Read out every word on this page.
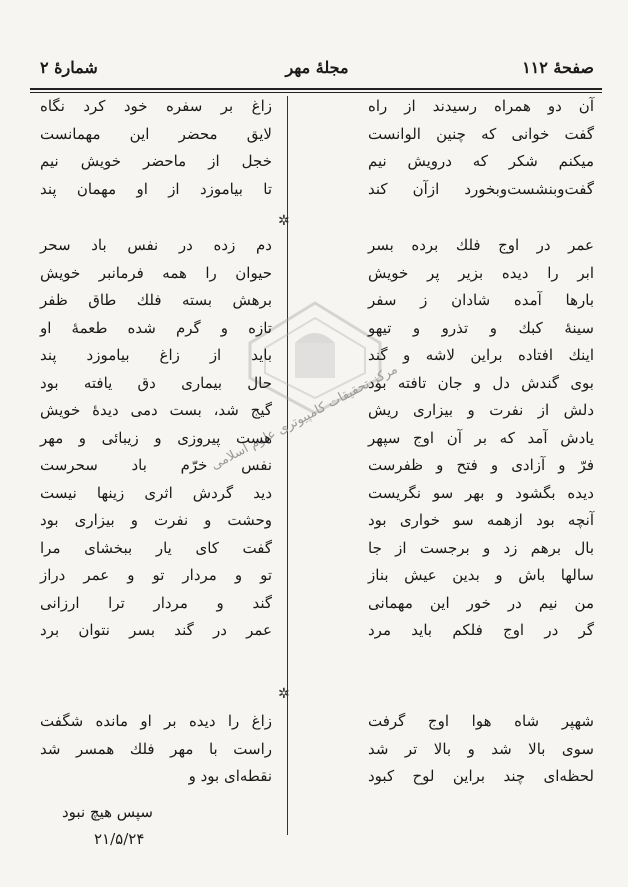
صفحهٔ ۱۱۲
مجلهٔ مهر
شمارهٔ ۲
مرکز تحقیقات کامپیوتری علوم اسلامی
آن دو همراه رسیدند از راه
گفت خوانی که چنین الوانست
میکنم شکر که درویش نیم
گفت‌وبنشست‌وبخورد ازآن کند
زاغ بر سفره خود کرد نگاه
لایق محضر این مهمانست
خجل از ماحضر خویش نیم
تا بیاموزد از او مهمان پند
✲
عمر در اوج فلك برده بسر
ابر را دیده بزیر پر خویش
بارها آمده شادان ز سفر
سینهٔ کبك و تذرو و تیهو
اینك افتاده براین لاشه و گند
بوی گندش دل و جان تافته بود
دلش از نفرت و بیزاری ریش
یادش آمد که بر آن اوج سپهر
فرّ و آزادی و فتح و ظفرست
دیده بگشود و بهر سو نگریست
آنچه بود ازهمه سو خواری بود
بال برهم زد و برجست از جا
سالها باش و بدین عیش بناز
من نیم در خور این مهمانی
گر در اوج فلکم باید مرد
دم زده در نفس باد سحر
حیوان را همه فرمانبر خویش
برهش بسته فلك طاق ظفر
تازه و گرم شده طعمهٔ او
باید از زاغ بیاموزد پند
حال بیماری دق یافته بود
گیج شد، بست دمی دیدهٔ خویش
هست پیروزی و زیبائی و مهر
نفس خرّم باد سحرست
دید گردش اثری زینها نیست
وحشت و نفرت و بیزاری بود
گفت کای یار ببخشای مرا
تو و مردار تو و عمر دراز
گند و مردار ترا ارزانی
عمر در گند بسر نتوان برد
✲
شهپر شاه هوا اوج گرفت
سوی بالا شد و بالا تر شد
لحظه‌ای چند براین لوح کبود
زاغ را دیده بر او مانده شگفت
راست با مهر فلك همسر شد
نقطه‌ای بود و
سپس هیچ نبود
۲۱/۵/۲۴
